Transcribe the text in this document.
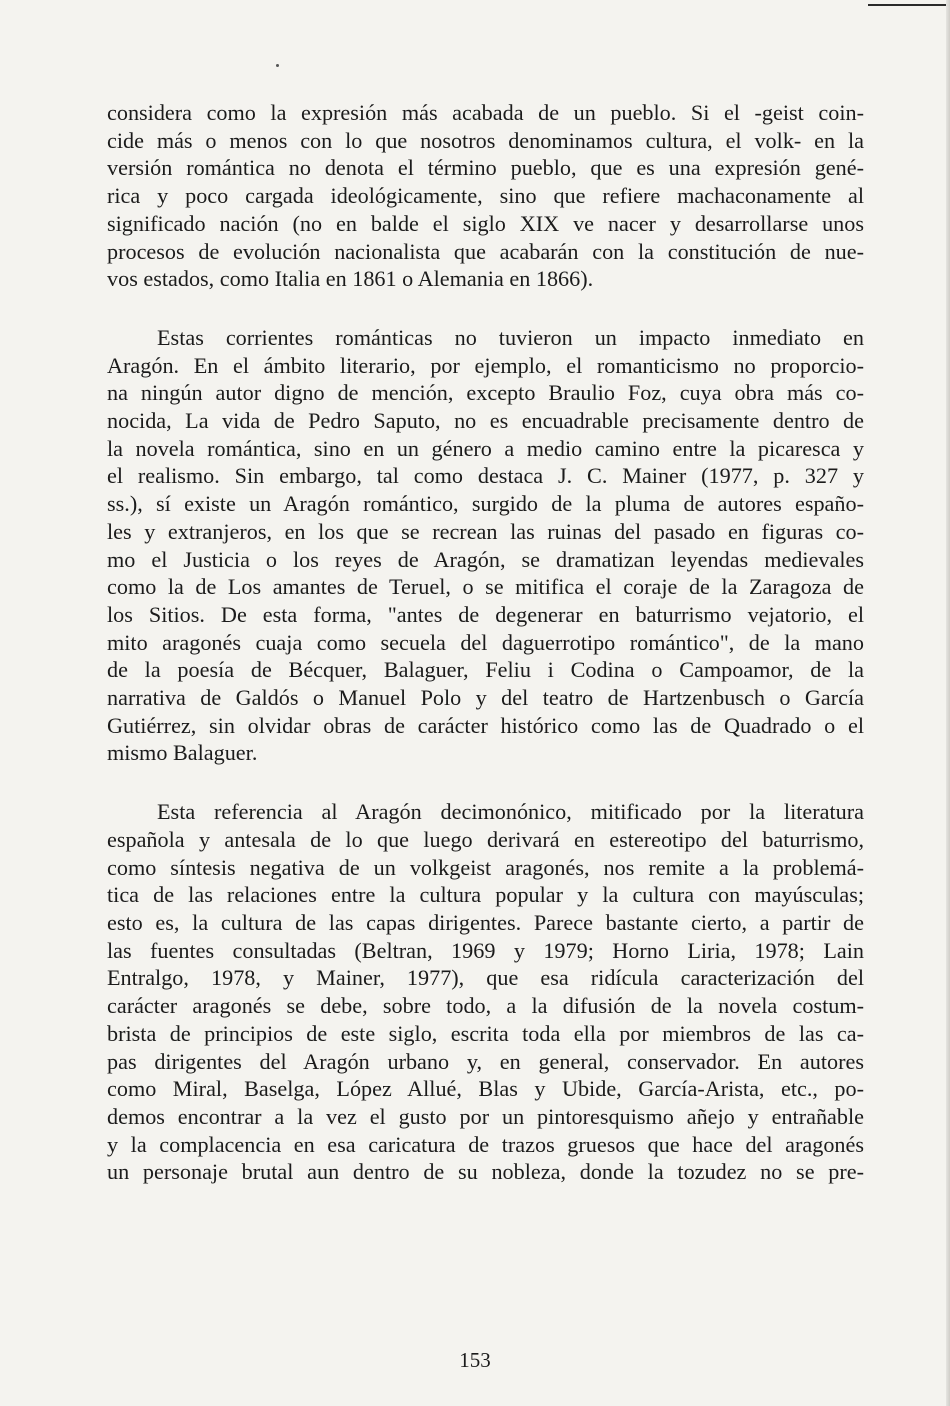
considera como la expresión más acabada de un pueblo. Si el -geist coin-
cide más o menos con lo que nosotros denominamos cultura, el volk- en la
versión romántica no denota el término pueblo, que es una expresión gené-
rica y poco cargada ideológicamente, sino que refiere machaconamente al
significado nación (no en balde el siglo XIX ve nacer y desarrollarse unos
procesos de evolución nacionalista que acabarán con la constitución de nue-
vos estados, como Italia en 1861 o Alemania en 1866).

Estas corrientes románticas no tuvieron un impacto inmediato en
Aragón. En el ámbito literario, por ejemplo, el romanticismo no proporcio-
na ningún autor digno de mención, excepto Braulio Foz, cuya obra más co-
nocida, La vida de Pedro Saputo, no es encuadrable precisamente dentro de
la novela romántica, sino en un género a medio camino entre la picaresca y
el realismo. Sin embargo, tal como destaca J. C. Mainer (1977, p. 327 y
ss.), sí existe un Aragón romántico, surgido de la pluma de autores españo-
les y extranjeros, en los que se recrean las ruinas del pasado en figuras co-
mo el Justicia o los reyes de Aragón, se dramatizan leyendas medievales
como la de Los amantes de Teruel, o se mitifica el coraje de la Zaragoza de
los Sitios. De esta forma, "antes de degenerar en baturrismo vejatorio, el
mito aragonés cuaja como secuela del daguerrotipo romántico", de la mano
de la poesía de Bécquer, Balaguer, Feliu i Codina o Campoamor, de la
narrativa de Galdós o Manuel Polo y del teatro de Hartzenbusch o García
Gutiérrez, sin olvidar obras de carácter histórico como las de Quadrado o el
mismo Balaguer.

Esta referencia al Aragón decimonónico, mitificado por la literatura
española y antesala de lo que luego derivará en estereotipo del baturrismo,
como síntesis negativa de un volkgeist aragonés, nos remite a la problemá-
tica de las relaciones entre la cultura popular y la cultura con mayúsculas;
esto es, la cultura de las capas dirigentes. Parece bastante cierto, a partir de
las fuentes consultadas (Beltran, 1969 y 1979; Horno Liria, 1978; Lain
Entralgo, 1978, y Mainer, 1977), que esa ridícula caracterización del
carácter aragonés se debe, sobre todo, a la difusión de la novela costum-
brista de principios de este siglo, escrita toda ella por miembros de las ca-
pas dirigentes del Aragón urbano y, en general, conservador. En autores
como Miral, Baselga, López Allué, Blas y Ubide, García-Arista, etc., po-
demos encontrar a la vez el gusto por un pintoresquismo añejo y entrañable
y la complacencia en esa caricatura de trazos gruesos que hace del aragonés
un personaje brutal aun dentro de su nobleza, donde la tozudez no se pre-

153
